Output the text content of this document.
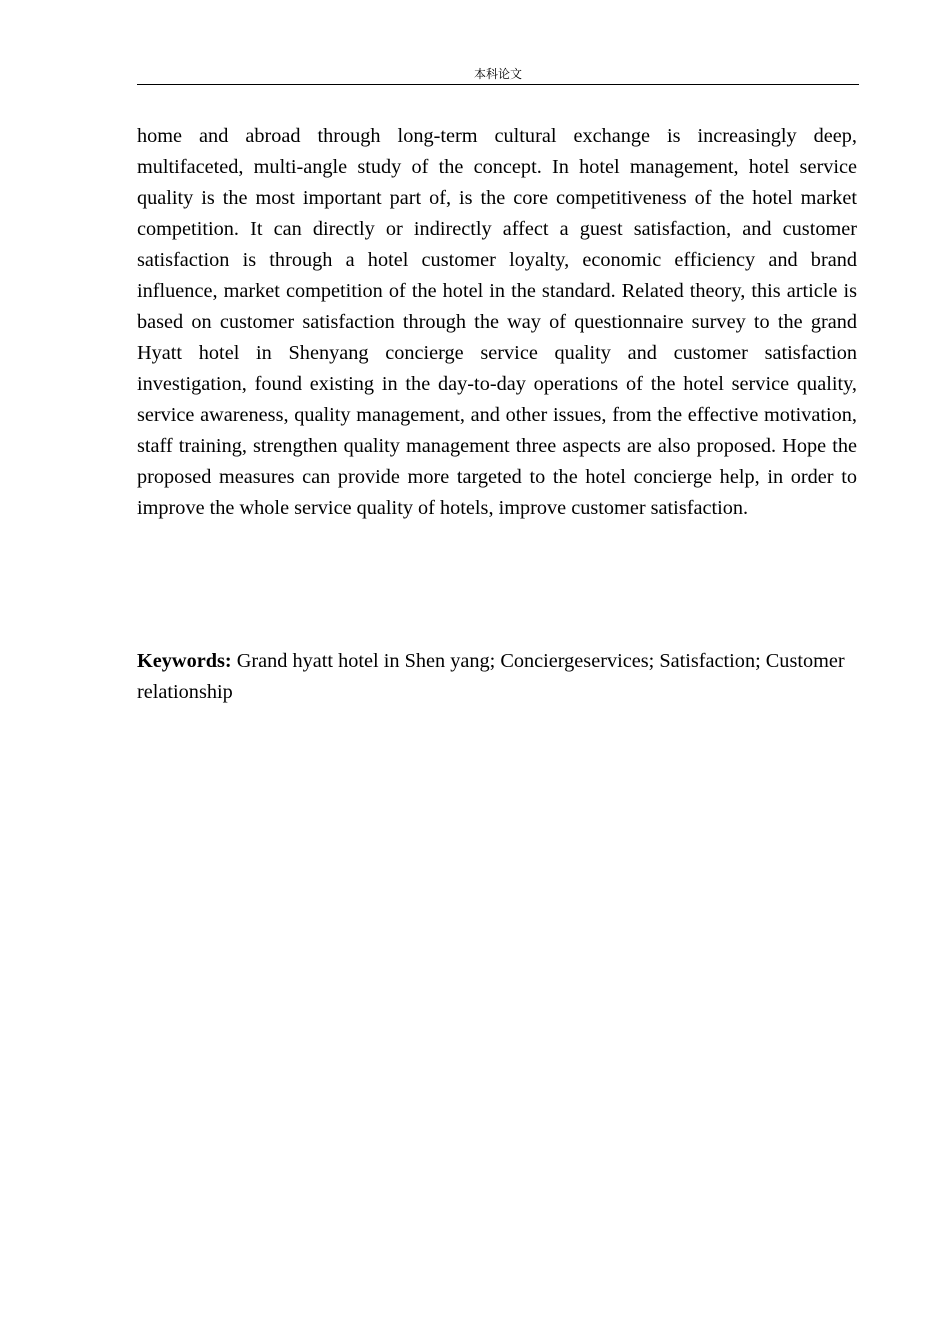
本科论文

home and abroad through long-term cultural exchange is increasingly deep, multifaceted, multi-angle study of the concept. In hotel management, hotel service quality is the most important part of, is the core competitiveness of the hotel market competition. It can directly or indirectly affect a guest satisfaction, and customer satisfaction is through a hotel customer loyalty, economic efficiency and brand influence, market competition of the hotel in the standard. Related theory, this article is based on customer satisfaction through the way of questionnaire survey to the grand Hyatt hotel in Shenyang concierge service quality and customer satisfaction investigation, found existing in the day-to-day operations of the hotel service quality, service awareness, quality management, and other issues, from the effective motivation, staff training, strengthen quality management three aspects are also proposed. Hope the proposed measures can provide more targeted to the hotel concierge help, in order to improve the whole service quality of hotels, improve customer satisfaction.

Keywords: Grand hyatt hotel in Shen yang; Conciergeservices; Satisfaction; Customer relationship
